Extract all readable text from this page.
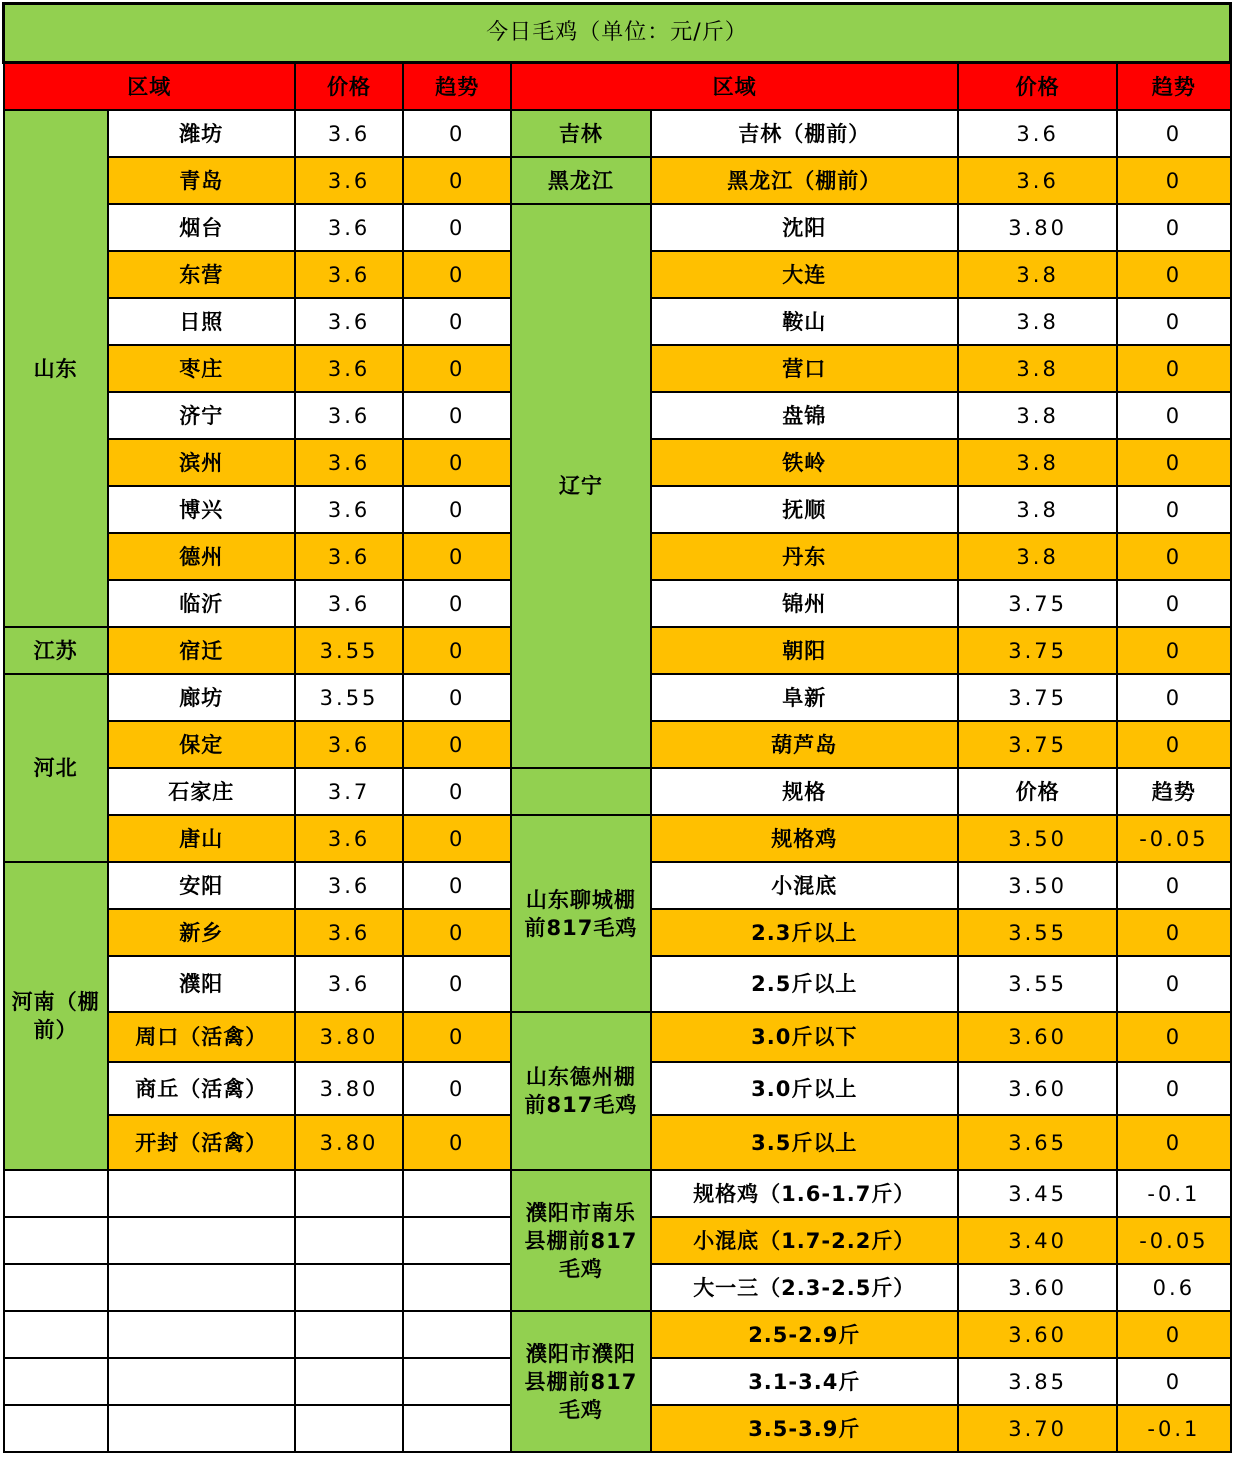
今日毛鸡（单位：元/斤）							
区域		价格	趋势	区域		价格	趋势
山东	潍坊	3.6	0	吉林	吉林（棚前）	3.6	0
	青岛	3.6	0	黑龙江	黑龙江（棚前）	3.6	0
	烟台	3.6	0	辽宁	沈阳	3.80	0
	东营	3.6	0		大连	3.8	0
	日照	3.6	0		鞍山	3.8	0
	枣庄	3.6	0		营口	3.8	0
	济宁	3.6	0		盘锦	3.8	0
	滨州	3.6	0		铁岭	3.8	0
	博兴	3.6	0		抚顺	3.8	0
	德州	3.6	0		丹东	3.8	0
	临沂	3.6	0		锦州	3.75	0
江苏	宿迁	3.55	0		朝阳	3.75	0
河北	廊坊	3.55	0		阜新	3.75	0
	保定	3.6	0		葫芦岛	3.75	0
	石家庄	3.7	0		规格	价格	趋势
	唐山	3.6	0	山东聊城棚前817毛鸡	规格鸡	3.50	-0.05
河南（棚前）	安阳	3.6	0		小混底	3.50	0
	新乡	3.6	0		2.3斤以上	3.55	0
	濮阳	3.6	0		2.5斤以上	3.55	0
	周口（活禽）	3.80	0	山东德州棚前817毛鸡	3.0斤以下	3.60	0
	商丘（活禽）	3.80	0		3.0斤以上	3.60	0
	开封（活禽）	3.80	0		3.5斤以上	3.65	0
				濮阳市南乐县棚前817毛鸡	规格鸡（1.6-1.7斤）	3.45	-0.1
					小混底（1.7-2.2斤）	3.40	-0.05
					大一三（2.3-2.5斤）	3.60	0.6
				濮阳市濮阳县棚前817毛鸡	2.5-2.9斤	3.60	0
					3.1-3.4斤	3.85	0
					3.5-3.9斤	3.70	-0.1
